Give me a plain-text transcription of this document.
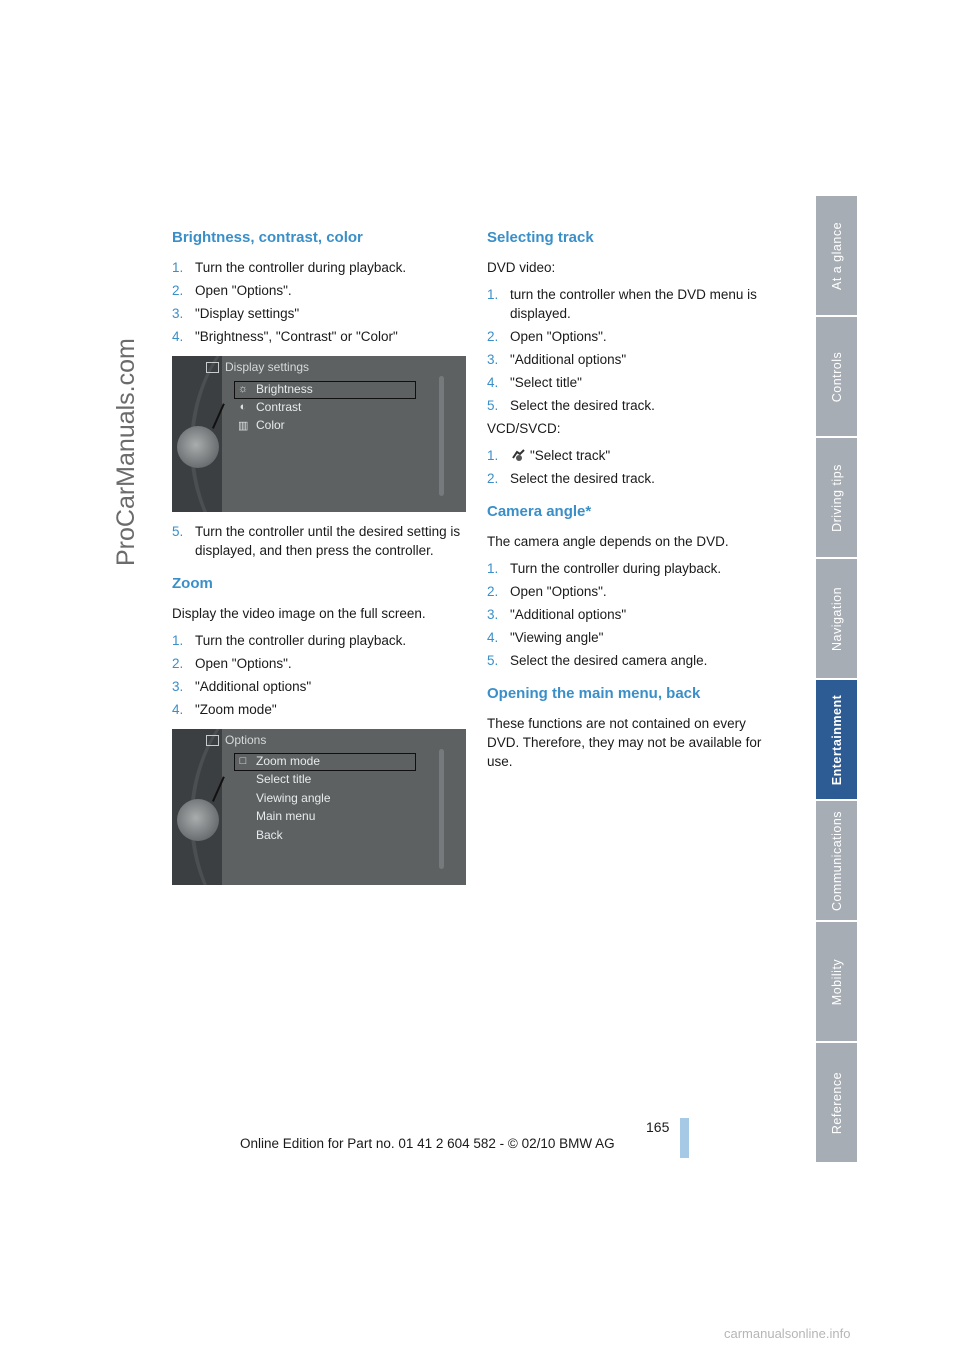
ProCarManuals.com
Brightness, contrast, color
1. Turn the controller during playback.
2. Open "Options".
3. "Display settings"
4. "Brightness", "Contrast" or "Color"
Display settings
☼ Brightness
◐ Contrast
▥ Color
5. Turn the controller until the desired setting is displayed, and then press the controller.
Zoom

Display the video image on the full screen.

1. Turn the controller during playback.
2. Open "Options".
3. "Additional options"
4. "Zoom mode"
Options
□ Zoom mode
Select title
Viewing angle
Main menu
Back
Selecting track

DVD video:

1. turn the controller when the DVD menu is displayed.
2. Open "Options".
3. "Additional options"
4. "Select title"
5. Select the desired track.

VCD/SVCD:

1.	"Select track"
2. Select the desired track.
Camera angle*

The camera angle depends on the DVD.

1. Turn the controller during playback.
2. Open "Options".
3. "Additional options"
4. "Viewing angle"
5. Select the desired camera angle.
Opening the main menu, back

These functions are not contained on every DVD. Therefore, they may not be available for use.

At a glance
Controls
Driving tips
Navigation
Entertainment
Communications
Mobility
Reference
165
Online Edition for Part no. 01 41 2 604 582 - © 02/10 BMW AG
carmanualsonline.info
